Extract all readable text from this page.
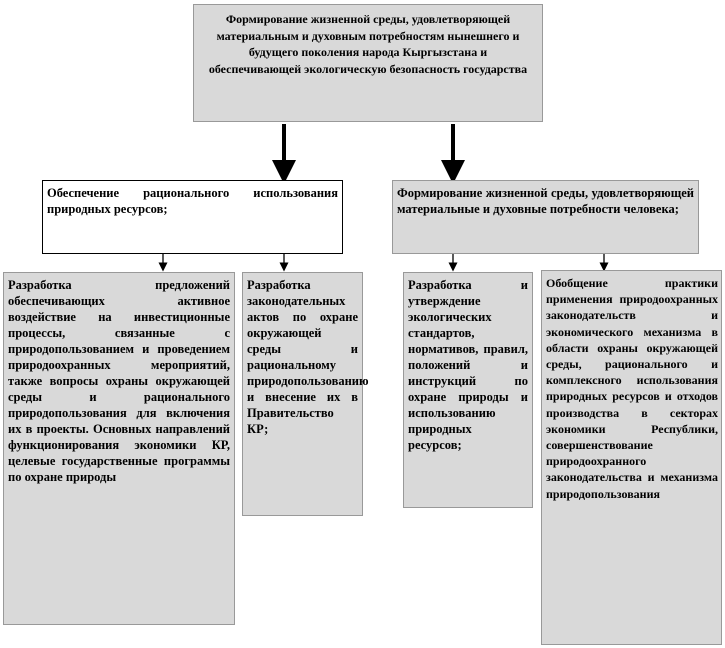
Формирование жизненной среды, удовлетворяющей материальным и духовным потребностям нынешнего и будущего поколения народа Кыргызстана и обеспечивающей экологическую безопасность государства
Обеспечение рационального использования природных ресурсов;
Формирование жизненной среды, удовлетворяющей материальные и духовные потребности человека;
Разработка предложений обеспечивающих активное воздействие на инвестиционные процессы, связанные с природопользованием и проведением природоохранных мероприятий, также вопросы охраны окружающей среды и рационального природопользования для включения их в проекты. Основных направлений функционирования экономики КР, целевые государственные программы по охране природы
Разработка законодательных актов по охране окружающей среды и рациональному природопользованию и внесение их в Правительство КР;
Разработка и утверждение экологических стандартов, нормативов, правил, положений и инструкций по охране природы и использованию природных ресурсов;
Обобщение практики применения природоохранных законодательств и экономического механизма в области охраны окружающей среды, рационального и комплексного использования природных ресурсов и отходов производства в секторах экономики Республики, совершенствование природоохранного законодательства и механизма природопользования
